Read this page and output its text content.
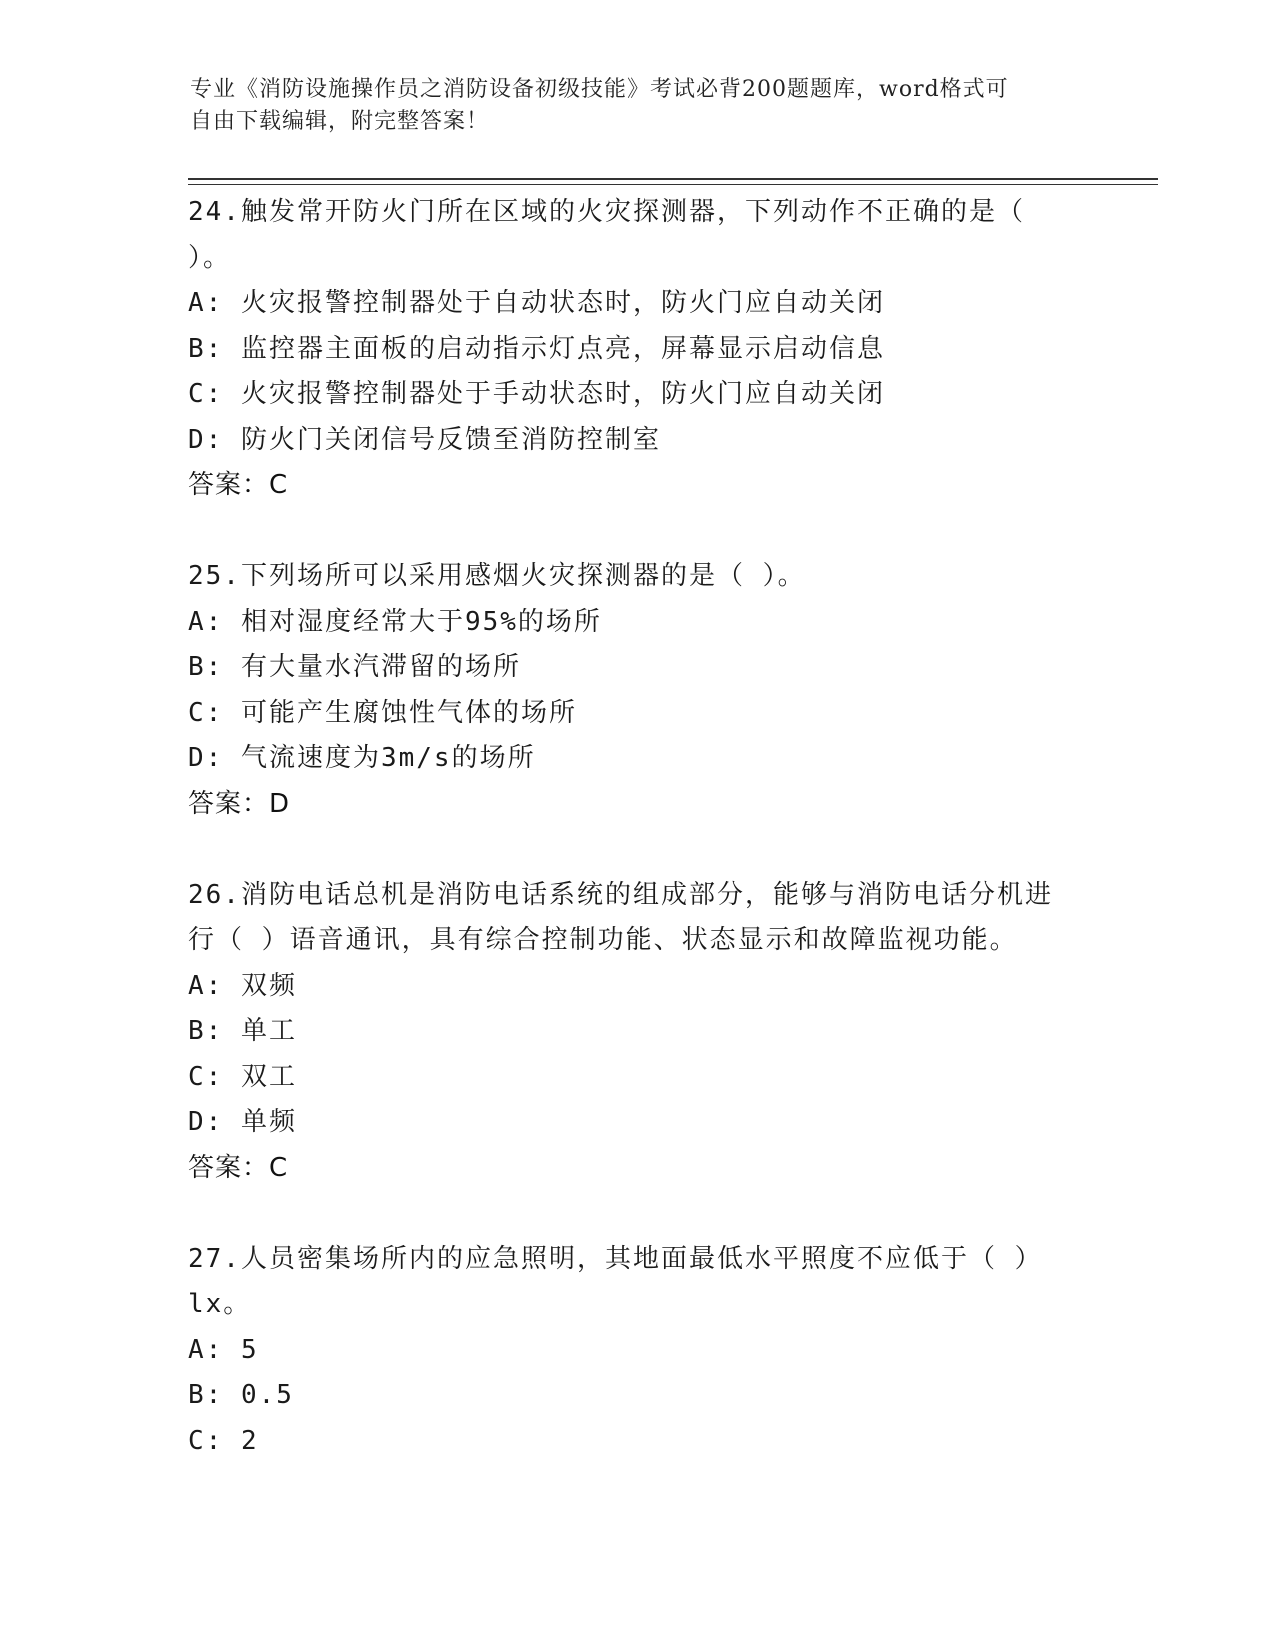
专业《消防设施操作员之消防设备初级技能》考试必背200题题库，word格式可
自由下载编辑，附完整答案！
24.触发常开防火门所在区域的火灾探测器，下列动作不正确的是（
）。
A: 火灾报警控制器处于自动状态时，防火门应自动关闭
B: 监控器主面板的启动指示灯点亮，屏幕显示启动信息
C: 火灾报警控制器处于手动状态时，防火门应自动关闭
D: 防火门关闭信号反馈至消防控制室
答案：C
25.下列场所可以采用感烟火灾探测器的是（ ）。
A: 相对湿度经常大于95%的场所
B: 有大量水汽滞留的场所
C: 可能产生腐蚀性气体的场所
D: 气流速度为3m/s的场所
答案：D
26.消防电话总机是消防电话系统的组成部分，能够与消防电话分机进
行（ ）语音通讯，具有综合控制功能、状态显示和故障监视功能。
A: 双频
B: 单工
C: 双工
D: 单频
答案：C
27.人员密集场所内的应急照明，其地面最低水平照度不应低于（ ）
lx。
A: 5
B: 0.5
C: 2
